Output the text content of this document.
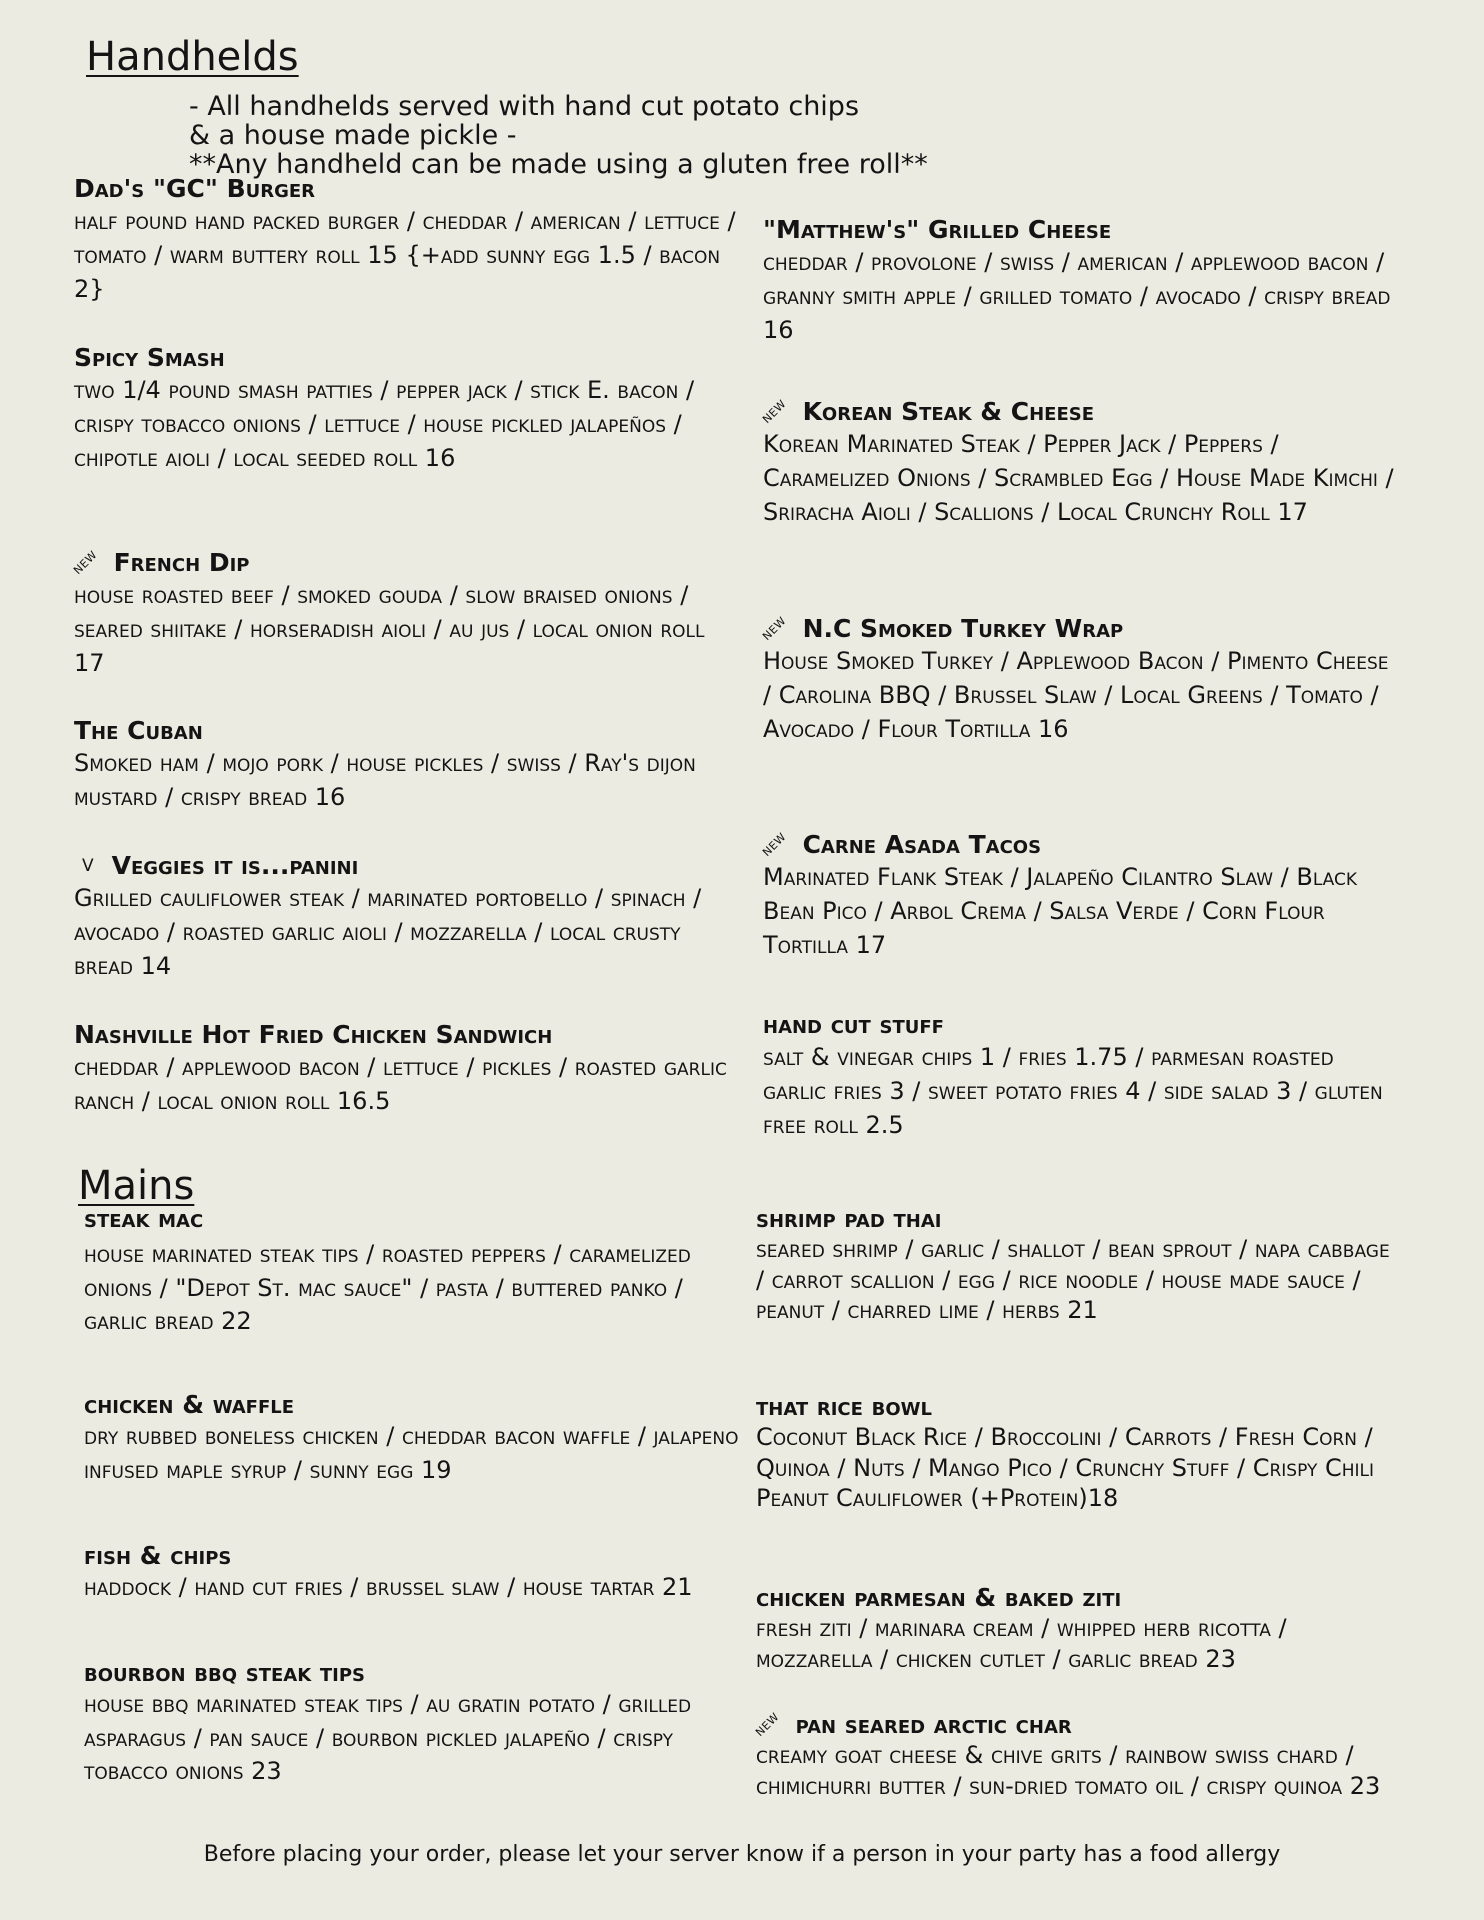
Handhelds
- All handhelds served with hand cut potato chips
& a house made pickle -
**Any handheld can be made using a gluten free roll**
Dad's "GC" Burger
half pound hand packed burger / cheddar / american / lettuce / tomato / warm buttery roll 15 {+add sunny egg 1.5 / bacon 2}
Spicy Smash
two 1/4 pound smash patties / pepper jack / stick E. bacon / crispy tobacco onions / lettuce / house pickled jalapeños / chipotle aioli / local seeded roll 16
NEW French Dip
house roasted beef / smoked gouda / slow braised onions / seared shiitake / horseradish aioli / au jus / local onion roll 17
The Cuban
Smoked ham / mojo pork / house pickles / swiss / Ray's dijon mustard / crispy bread 16
V Veggies it is...panini
Grilled cauliflower steak / marinated portobello / spinach / avocado / roasted garlic aioli / mozzarella / local crusty bread 14
Nashville Hot Fried Chicken Sandwich
cheddar / applewood bacon / lettuce / pickles / roasted garlic ranch / local onion roll 16.5
"Matthew's" Grilled Cheese
cheddar / provolone / swiss / american / applewood bacon / granny smith apple / grilled tomato / avocado / crispy bread 16
NEW Korean Steak & Cheese
Korean Marinated Steak / Pepper Jack / Peppers / Caramelized Onions / Scrambled Egg / House Made Kimchi / Sriracha Aioli / Scallions / Local Crunchy Roll 17
NEW N.C Smoked Turkey Wrap
House Smoked Turkey / Applewood Bacon / Pimento Cheese / Carolina BBQ / Brussel Slaw / Local Greens / Tomato / Avocado / Flour Tortilla 16
NEW Carne Asada Tacos
Marinated Flank Steak / Jalapeño Cilantro Slaw / Black Bean Pico / Arbol Crema / Salsa Verde / Corn Flour Tortilla 17
hand cut stuff
salt & vinegar chips 1 / fries 1.75 / parmesan roasted garlic fries 3 / sweet potato fries 4 / side salad 3 / gluten free roll 2.5
Mains
steak mac
house marinated steak tips / roasted peppers / caramelized onions / "Depot St. mac sauce" / pasta / buttered panko / garlic bread 22
chicken & waffle
dry rubbed boneless chicken / cheddar bacon waffle / jalapeno infused maple syrup / sunny egg 19
fish & chips
haddock / hand cut fries / brussel slaw / house tartar 21
bourbon bbq steak tips
house bbq marinated steak tips / au gratin potato / grilled asparagus / pan sauce / bourbon pickled jalapeño / crispy tobacco onions 23
shrimp pad thai
seared shrimp / garlic / shallot / bean sprout / napa cabbage / carrot scallion / egg / rice noodle / house made sauce / peanut / charred lime / herbs 21
that rice bowl
Coconut Black Rice / Broccolini / Carrots / Fresh Corn / Quinoa / Nuts / Mango Pico / Crunchy Stuff / Crispy Chili Peanut Cauliflower (+Protein)18
chicken parmesan & baked ziti
fresh ziti / marinara cream / whipped herb ricotta / mozzarella / chicken cutlet / garlic bread 23
NEW pan seared arctic char
creamy goat cheese & chive grits / rainbow swiss chard / chimichurri butter / sun-dried tomato oil / crispy quinoa 23
Before placing your order, please let your server know if a person in your party has a food allergy
